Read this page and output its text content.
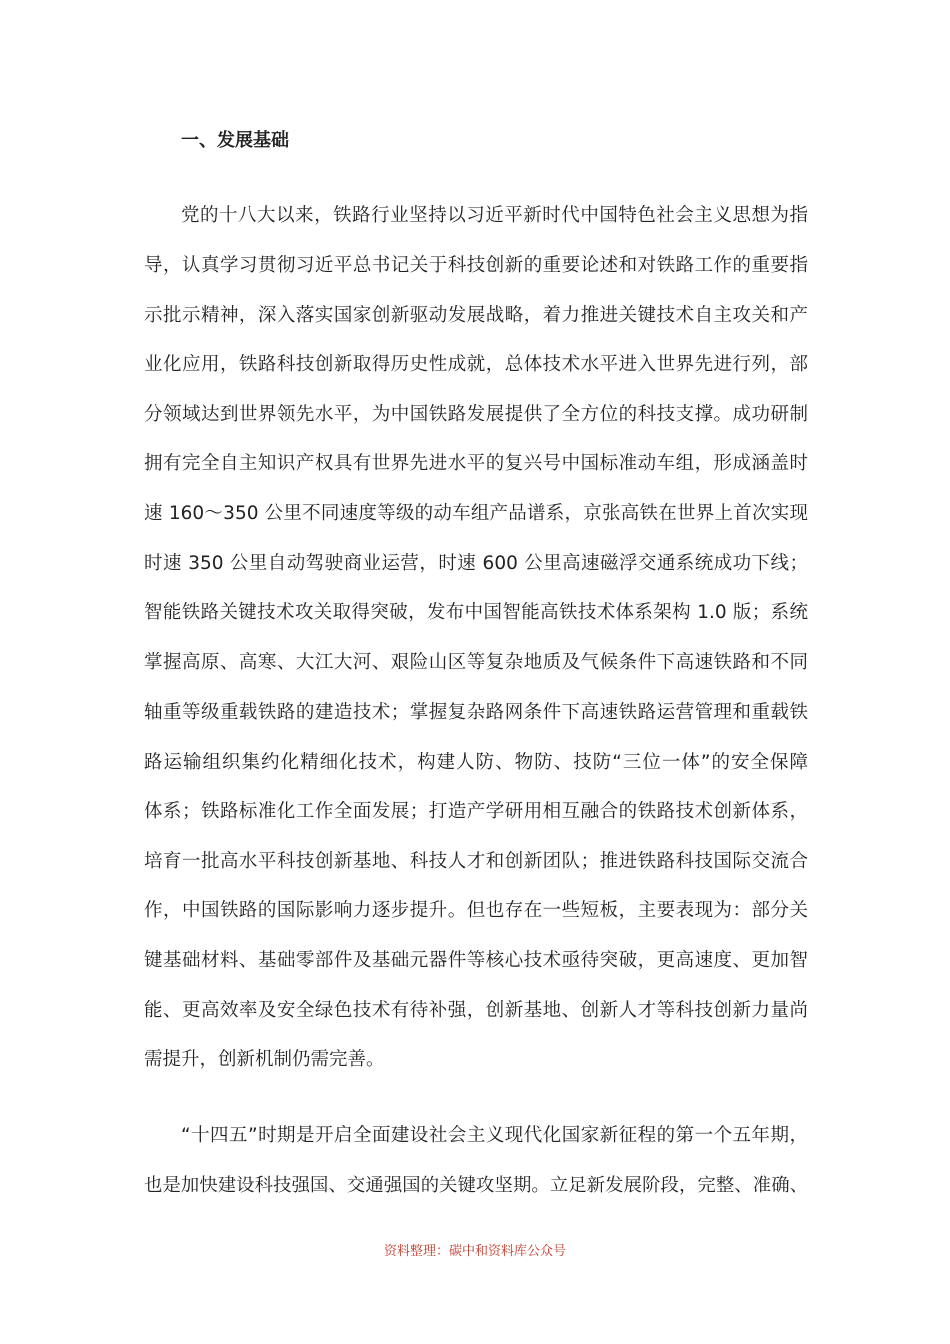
一、发展基础
党的十八大以来，铁路行业坚持以习近平新时代中国特色社会主义思想为指
导，认真学习贯彻习近平总书记关于科技创新的重要论述和对铁路工作的重要指
示批示精神，深入落实国家创新驱动发展战略，着力推进关键技术自主攻关和产
业化应用，铁路科技创新取得历史性成就，总体技术水平进入世界先进行列，部
分领域达到世界领先水平，为中国铁路发展提供了全方位的科技支撑。成功研制
拥有完全自主知识产权具有世界先进水平的复兴号中国标准动车组，形成涵盖时
速 160～350 公里不同速度等级的动车组产品谱系，京张高铁在世界上首次实现
时速 350 公里自动驾驶商业运营，时速 600 公里高速磁浮交通系统成功下线；
智能铁路关键技术攻关取得突破，发布中国智能高铁技术体系架构 1.0 版；系统
掌握高原、高寒、大江大河、艰险山区等复杂地质及气候条件下高速铁路和不同
轴重等级重载铁路的建造技术；掌握复杂路网条件下高速铁路运营管理和重载铁
路运输组织集约化精细化技术，构建人防、物防、技防“三位一体”的安全保障
体系；铁路标准化工作全面发展；打造产学研用相互融合的铁路技术创新体系，
培育一批高水平科技创新基地、科技人才和创新团队；推进铁路科技国际交流合
作，中国铁路的国际影响力逐步提升。但也存在一些短板，主要表现为：部分关
键基础材料、基础零部件及基础元器件等核心技术亟待突破，更高速度、更加智
能、更高效率及安全绿色技术有待补强，创新基地、创新人才等科技创新力量尚
需提升，创新机制仍需完善。
“十四五”时期是开启全面建设社会主义现代化国家新征程的第一个五年期，
也是加快建设科技强国、交通强国的关键攻坚期。立足新发展阶段，完整、准确、

资料整理：碳中和资料库公众号
